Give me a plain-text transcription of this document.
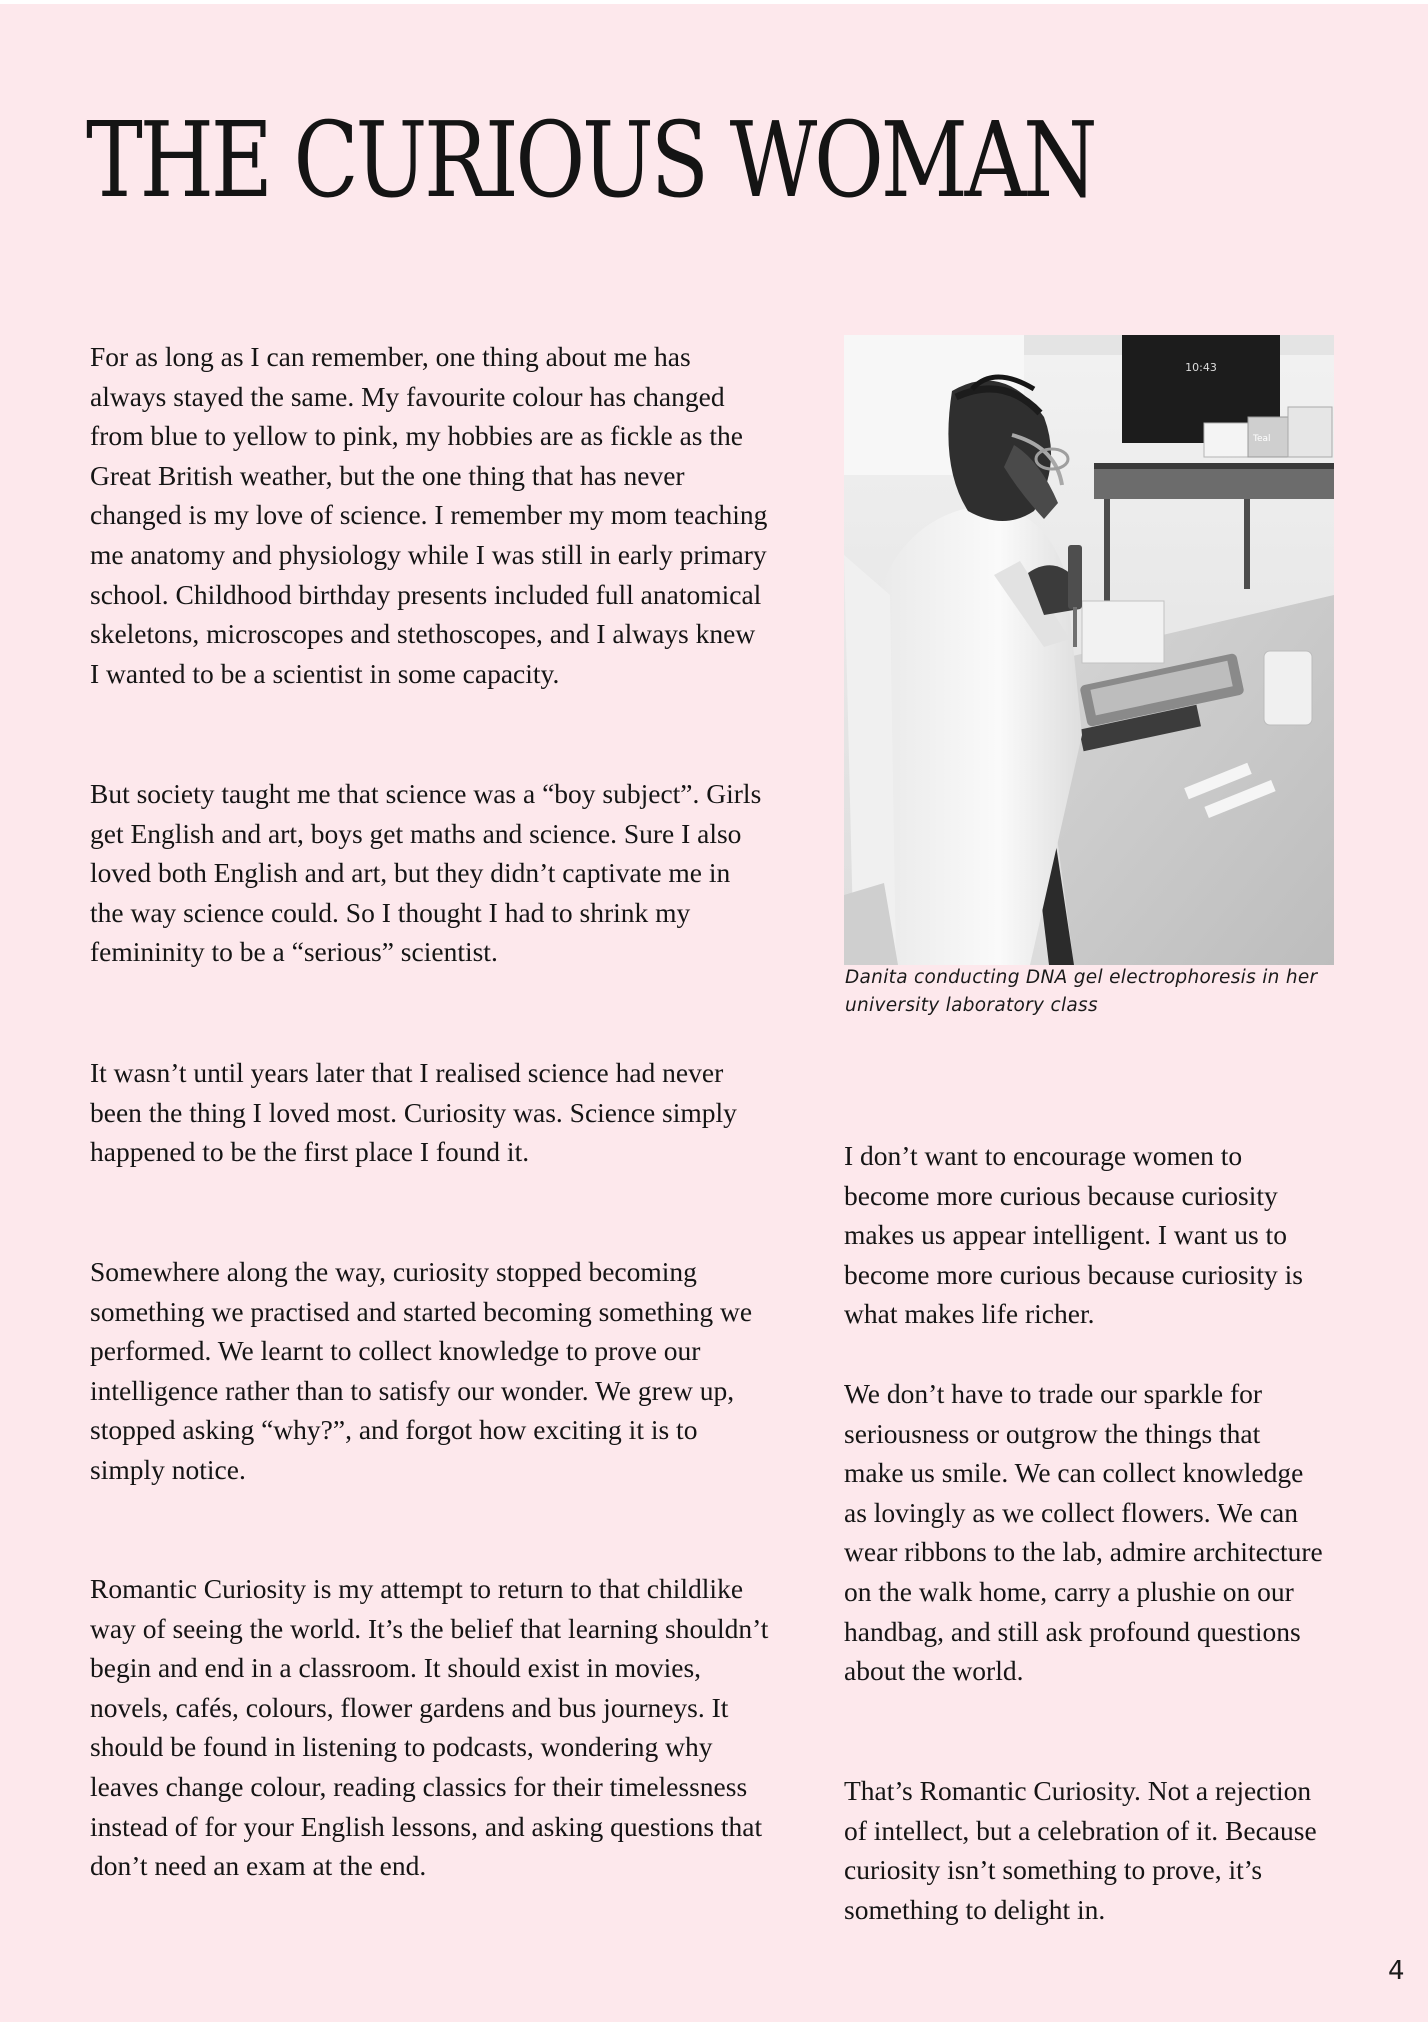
THE CURIOUS WOMAN

For as long as I can remember, one thing about me has always stayed the same. My favourite colour has changed from blue to yellow to pink, my hobbies are as fickle as the Great British weather, but the one thing that has never changed is my love of science. I remember my mom teaching me anatomy and physiology while I was still in early primary school. Childhood birthday presents included full anatomical skeletons, microscopes and stethoscopes, and I always knew I wanted to be a scientist in some capacity.

But society taught me that science was a “boy subject”. Girls get English and art, boys get maths and science. Sure I also loved both English and art, but they didn’t captivate me in the way science could. So I thought I had to shrink my femininity to be a “serious” scientist.

It wasn’t until years later that I realised science had never been the thing I loved most. Curiosity was. Science simply happened to be the first place I found it.

Somewhere along the way, curiosity stopped becoming something we practised and started becoming something we performed. We learnt to collect knowledge to prove our intelligence rather than to satisfy our wonder. We grew up, stopped asking “why?”, and forgot how exciting it is to simply notice.

Romantic Curiosity is my attempt to return to that childlike way of seeing the world. It’s the belief that learning shouldn’t begin and end in a classroom. It should exist in movies, novels, cafés, colours, flower gardens and bus journeys. It should be found in listening to podcasts, wondering why leaves change colour, reading classics for their timelessness instead of for your English lessons, and asking questions that don’t need an exam at the end.

10:43
Teal

Danita conducting DNA gel electrophoresis in her university laboratory class

I don’t want to encourage women to become more curious because curiosity makes us appear intelligent. I want us to become more curious because curiosity is what makes life richer.

We don’t have to trade our sparkle for seriousness or outgrow the things that make us smile. We can collect knowledge as lovingly as we collect flowers. We can wear ribbons to the lab, admire architecture on the walk home, carry a plushie on our handbag, and still ask profound questions about the world.

That’s Romantic Curiosity. Not a rejection of intellect, but a celebration of it. Because curiosity isn’t something to prove, it’s something to delight in.

4
